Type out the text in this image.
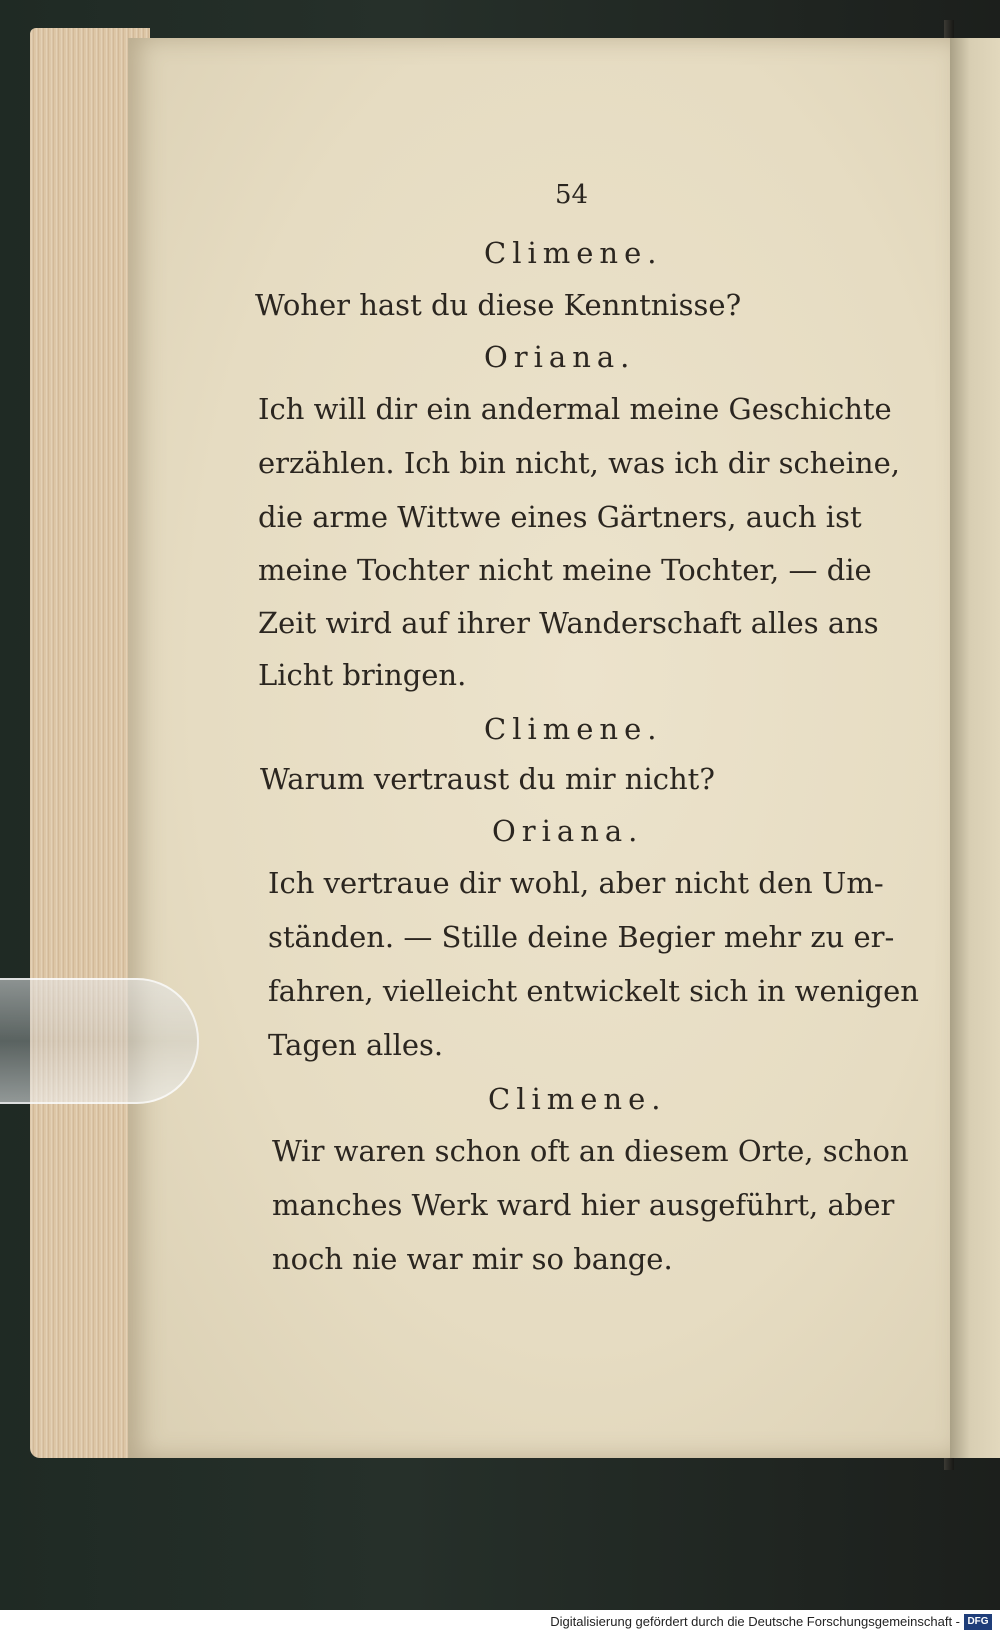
54
Climene.
Woher hast du diese Kenntnisse?
Oriana.
Ich will dir ein andermal meine Geschichte
erzählen. Ich bin nicht, was ich dir scheine,
die arme Wittwe eines Gärtners, auch ist
meine Tochter nicht meine Tochter, — die
Zeit wird auf ihrer Wanderschaft alles ans
Licht bringen.
Climene.
Warum vertraust du mir nicht?
Oriana.
Ich vertraue dir wohl, aber nicht den Um-
ständen. — Stille deine Begier mehr zu er-
fahren, vielleicht entwickelt sich in wenigen
Tagen alles.
Climene.
Wir waren schon oft an diesem Orte, schon
manches Werk ward hier ausgeführt, aber
noch nie war mir so bange.
Digitalisierung gefördert durch die Deutsche Forschungsgemeinschaft - DFG
